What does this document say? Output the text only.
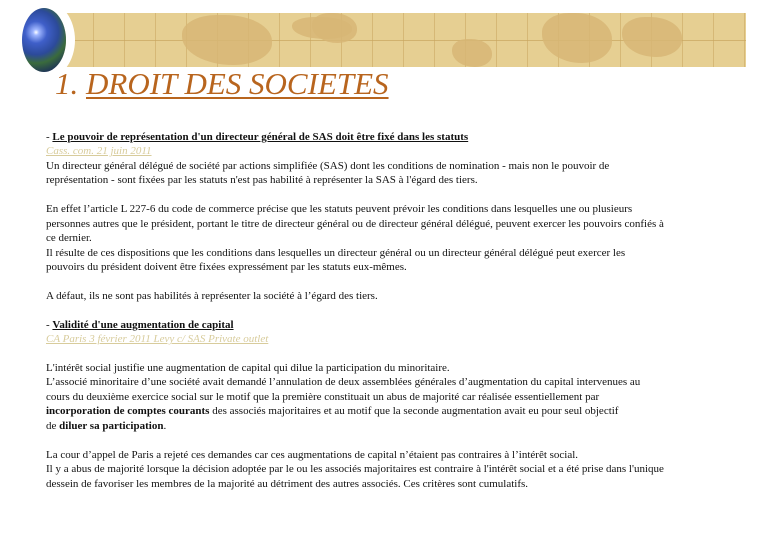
1. DROIT DES SOCIETES
- Le pouvoir de représentation d'un directeur général de SAS doit être fixé dans les statuts
Cass. com. 21 juin 2011
Un directeur général délégué de société par actions simplifiée (SAS) dont les conditions de nomination - mais non le pouvoir de
représentation - sont fixées par les statuts n'est pas habilité à représenter la SAS à l'égard des tiers.
En effet l’article L 227-6 du code de commerce précise que les statuts peuvent prévoir les conditions dans lesquelles une ou plusieurs
personnes autres que le président, portant le titre de directeur général ou de directeur général délégué, peuvent exercer les pouvoirs confiés à
ce dernier.
Il résulte de ces dispositions que les conditions dans lesquelles un directeur général ou un directeur général délégué peut exercer les
pouvoirs du président doivent être fixées expressément par les statuts eux-mêmes.
A défaut, ils ne sont pas habilités à représenter la société à l’égard des tiers.
- Validité d'une augmentation de capital
CA Paris 3 février 2011 Levy c/ SAS Private outlet
L'intérêt social justifie une augmentation de capital qui dilue la participation du minoritaire.
L’associé minoritaire d’une société avait demandé l’annulation de deux assemblées générales d’augmentation du capital intervenues au
cours du deuxième exercice social sur le motif que la première constituait un abus de majorité car réalisée essentiellement par
incorporation de comptes courants des associés majoritaires et au motif que la seconde augmentation avait eu pour seul objectif
de diluer sa participation.
La cour d’appel de Paris a rejeté ces demandes car ces augmentations de capital n’étaient pas contraires à l’intérêt social.
Il y a abus de majorité lorsque la décision adoptée par le ou les associés majoritaires est contraire à l'intérêt social et a été prise dans l'unique
dessein de favoriser les membres de la majorité au détriment des autres associés. Ces critères sont cumulatifs.
